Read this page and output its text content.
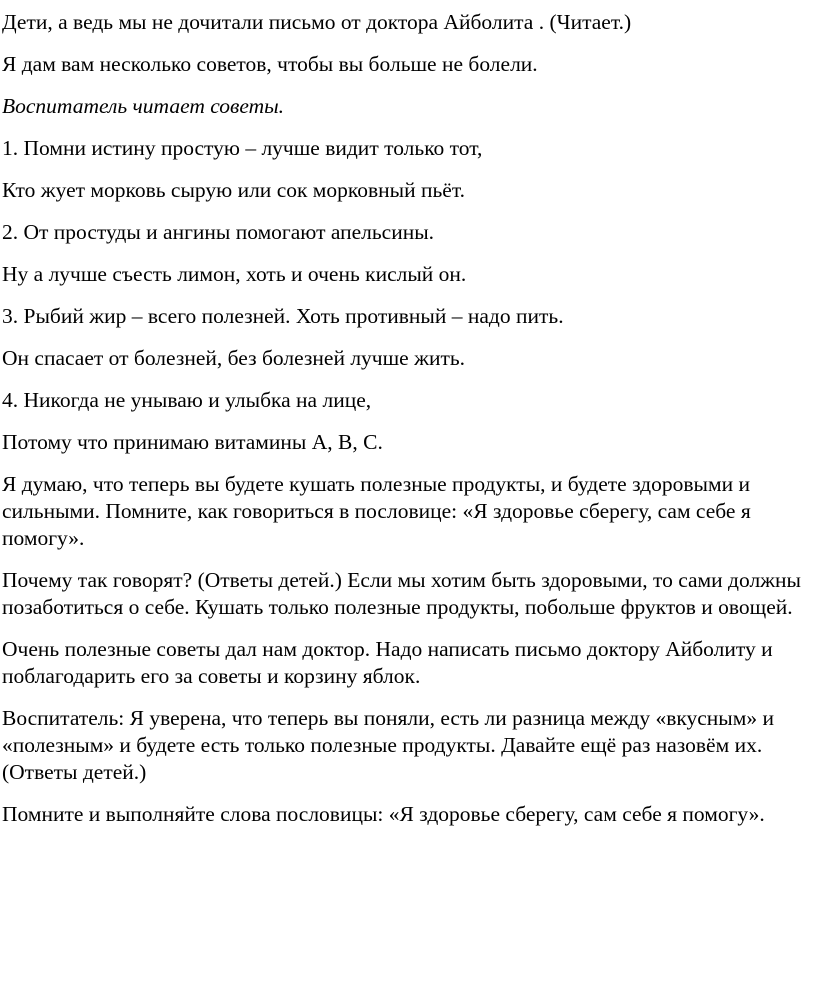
Дети, а ведь мы не дочитали письмо от доктора Айболита . (Читает.)

Я дам вам несколько советов, чтобы вы больше не болели.

Воспитатель читает советы.

1. Помни истину простую – лучше видит только тот,

Кто жует морковь сырую или сок морковный пьёт.

2. От простуды и ангины помогают апельсины.

Ну а лучше съесть лимон, хоть и очень кислый он.

3. Рыбий жир – всего полезней. Хоть противный – надо пить.

Он спасает от болезней, без болезней лучше жить.

4. Никогда не унываю и улыбка на лице,

Потому что принимаю витамины А, В, С.

Я думаю, что теперь вы будете кушать полезные продукты, и будете здоровыми и сильными. Помните, как говориться в пословице: «Я здоровье сберегу, сам себе я помогу».

Почему так говорят? (Ответы детей.) Если мы хотим быть здоровыми, то сами должны позаботиться о себе. Кушать только полезные продукты, побольше фруктов и овощей.

Очень полезные советы дал нам доктор. Надо написать письмо доктору Айболиту и поблагодарить его за советы и корзину яблок.

Воспитатель: Я уверена, что теперь вы поняли, есть ли разница между «вкусным» и «полезным» и будете есть только полезные продукты. Давайте ещё раз назовём их. (Ответы детей.)

Помните и выполняйте слова пословицы: «Я здоровье сберегу, сам себе я помогу».
